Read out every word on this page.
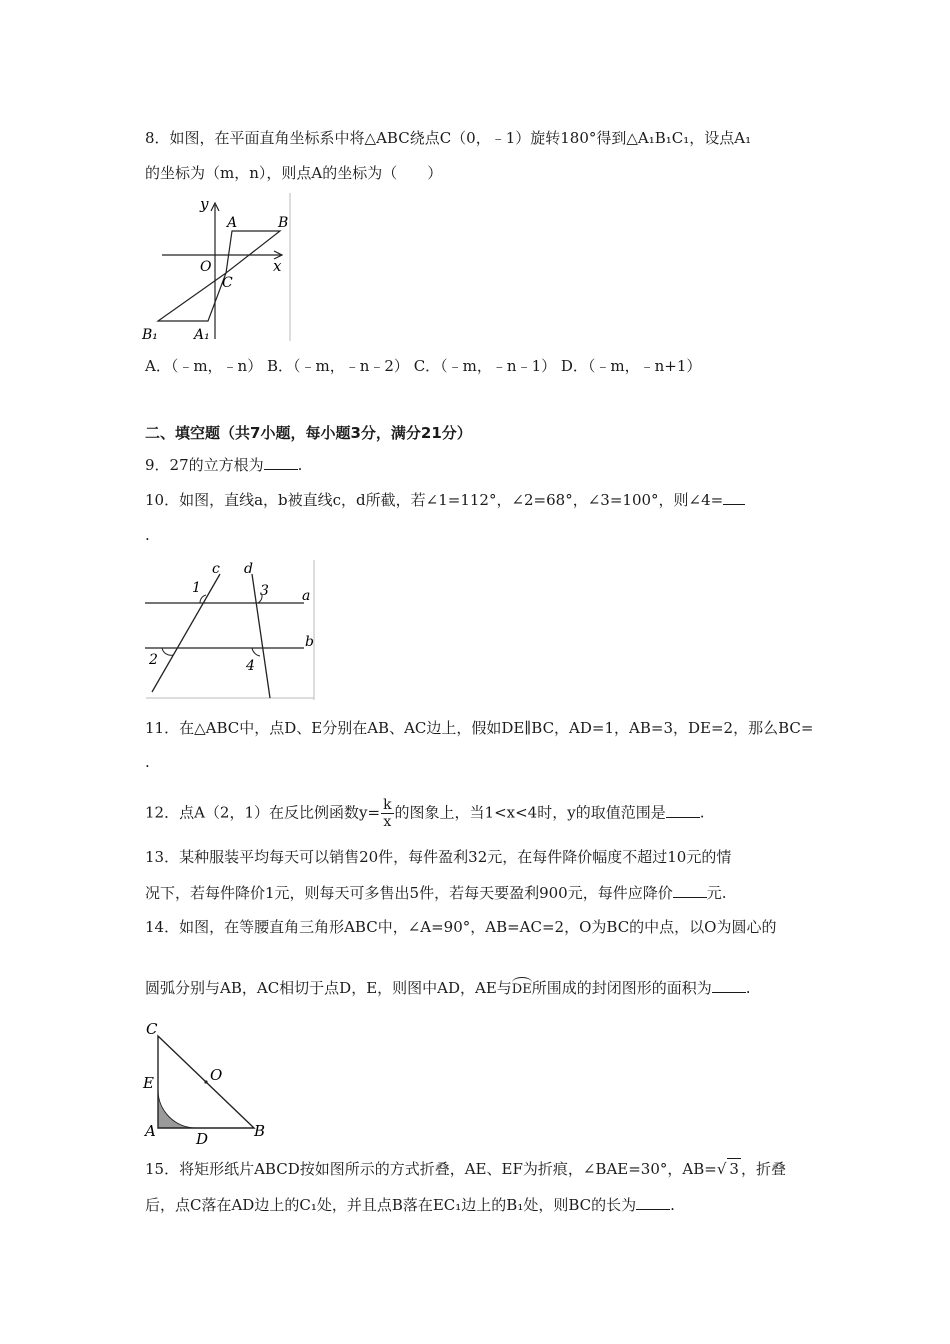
8．如图，在平面直角坐标系中将△ABC绕点C（0，﹣1）旋转180°得到△A₁B₁C₁，设点A₁
的坐标为（m，n），则点A的坐标为（　　）
y
x
A	B
O
C
B₁	A₁
A．（﹣m，﹣n） B．（﹣m，﹣n﹣2） C．（﹣m，﹣n﹣1） D．（﹣m，﹣n+1）
二、填空题（共7小题，每小题3分，满分21分）
9．27的立方根为 .
10．如图，直线a，b被直线c，d所截，若∠1=112°，∠2=68°，∠3=100°，则∠4=
.
c d
a
b
1
2
3
4
11．在△ABC中，点D、E分别在AB、AC边上，假如DE∥BC，AD=1，AB=3，DE=2，那么BC=
.
12．点A（2，1）在反比例函数$y= \frac{k}{x}$ 的图象上，当1<x<4时，y的取值范围是 .
13．某种服装平均每天可以销售20件，每件盈利32元，在每件降价幅度不超过10元的情
况下，若每件降价1元，则每天可多售出5件，若每天要盈利900元，每件应降价 元.
14．如图，在等腰直角三角形ABC中，∠A=90°，AB=AC=2，O为BC的中点，以O为圆心的
圆弧分别与AB，AC相切于点D，E，则图中AD，AE与DE所围成的封闭图形的面积为 .
C
E	O
A	D	B
15．将矩形纸片ABCD按如图所示的方式折叠，AE、EF为折痕，∠BAE=30°，AB=√ 3 ，折叠
后，点C落在AD边上的C₁处，并且点B落在EC₁边上的B₁处，则BC的长为 .
